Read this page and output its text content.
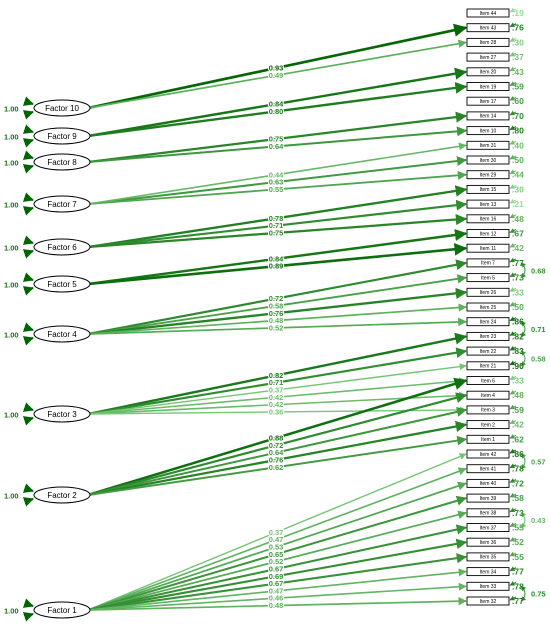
0.93
0.49
0.84
0.80
0.75
0.64
0.63
0.55
0.44
0.78
0.71
0.75
0.84
0.89
0.72
0.58
0.76
0.48
0.52
0.82
0.71
0.37
0.42
0.42
0.36
0.88
0.72
0.64
0.76
0.62
0.37
0.47
0.53
0.65
0.52
0.67
0.69
0.67
0.47
0.46
0.48
0.68
0.71
0.58
0.57
0.43
0.75
Item 44 .19
Item 43 .76
Item 28 .30
Item 27 .37
Item 20 .43
Item 19 .59
Item 17 .60
Item 14 .70
Item 10 .80
Item 31 .40
Item 30 .50
Item 29 .44
Item 15 .30
Item 13 .21
Item 16 .48
Item 12 .67
Item 11 .42
Item 7 .77
Item 5 .73
Item 26 .33
Item 25 .50
Item 24 .86
Item 23 .82
Item 22 .83
Item 21 .90
Item 6 .33
Item 4 .48
Item 3 .59
Item 2 .42
Item 1 .62
Item 42 .86
Item 41 .78
Item 40 .72
Item 39 .58
Item 38 .73
Item 37 .55
Item 36 .52
Item 35 .55
Item 34 .77
Item 33 .78
Item 32 .77
1.00	Factor 10
1.00	Factor 9
1.00	Factor 8
1.00	Factor 7
1.00	Factor 6
1.00	Factor 5
1.00	Factor 4
1.00	Factor 3
1.00	Factor 2
1.00	Factor 1
